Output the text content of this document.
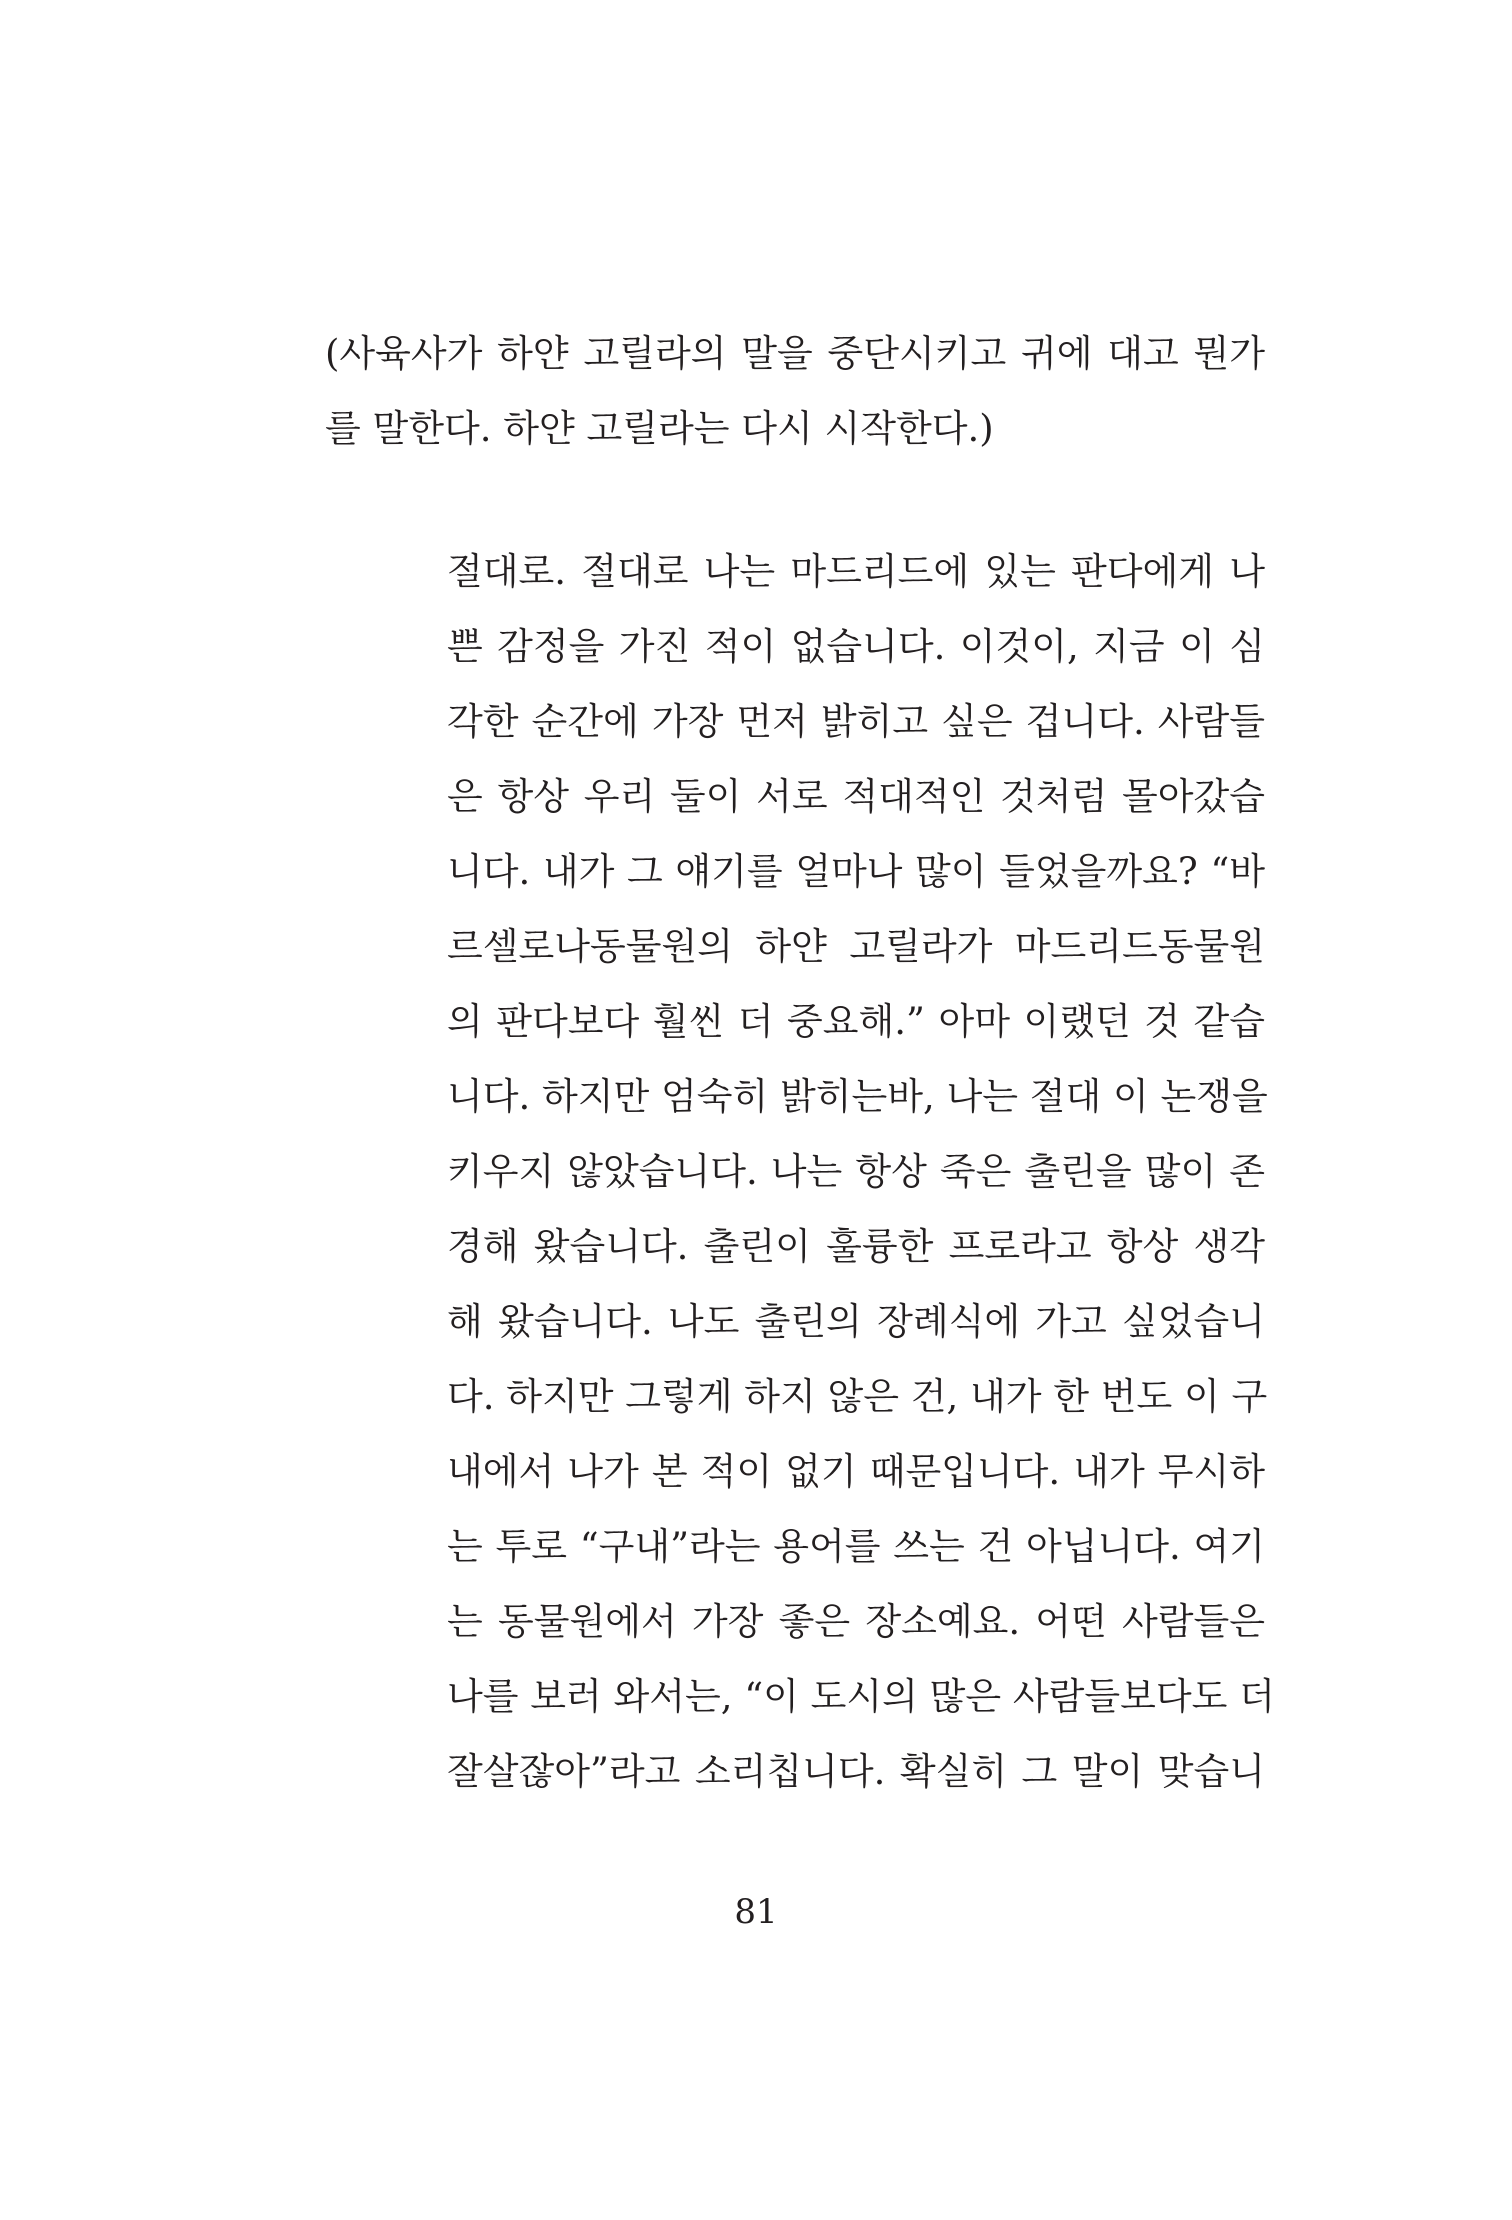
(사육사가 하얀 고릴라의 말을 중단시키고 귀에 대고 뭔가
를 말한다. 하얀 고릴라는 다시 시작한다.)
절대로. 절대로 나는 마드리드에 있는 판다에게 나
쁜 감정을 가진 적이 없습니다. 이것이, 지금 이 심
각한 순간에 가장 먼저 밝히고 싶은 겁니다. 사람들
은 항상 우리 둘이 서로 적대적인 것처럼 몰아갔습
니다. 내가 그 얘기를 얼마나 많이 들었을까요? “바
르셀로나동물원의 하얀 고릴라가 마드리드동물원
의 판다보다 훨씬 더 중요해.” 아마 이랬던 것 같습
니다. 하지만 엄숙히 밝히는바, 나는 절대 이 논쟁을
키우지 않았습니다. 나는 항상 죽은 출린을 많이 존
경해 왔습니다. 출린이 훌륭한 프로라고 항상 생각
해 왔습니다. 나도 출린의 장례식에 가고 싶었습니
다. 하지만 그렇게 하지 않은 건, 내가 한 번도 이 구
내에서 나가 본 적이 없기 때문입니다. 내가 무시하
는 투로 “구내”라는 용어를 쓰는 건 아닙니다. 여기
는 동물원에서 가장 좋은 장소예요. 어떤 사람들은
나를 보러 와서는, “이 도시의 많은 사람들보다도 더
잘살잖아”라고 소리칩니다. 확실히 그 말이 맞습니
81
